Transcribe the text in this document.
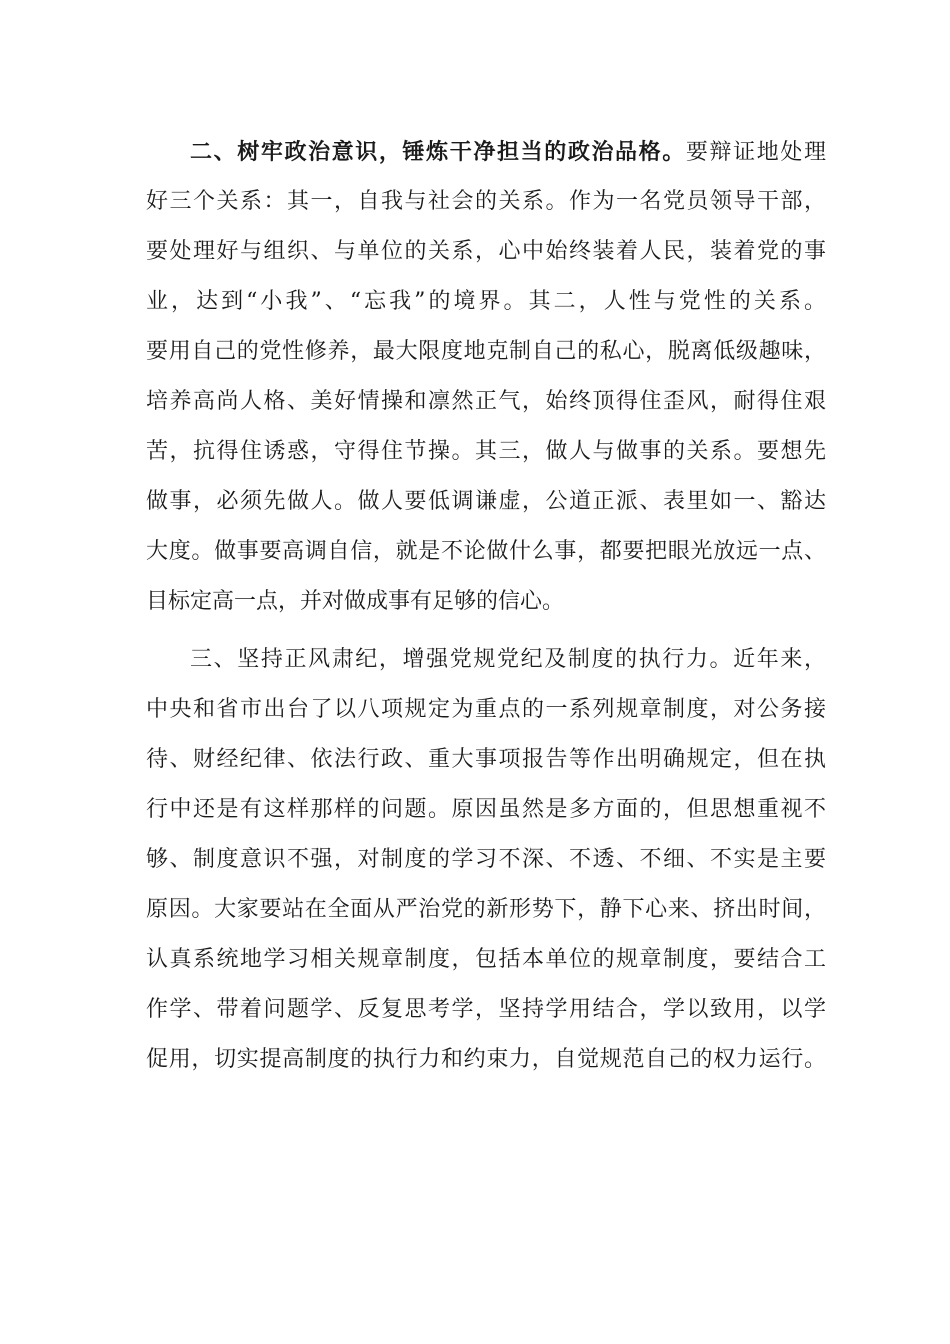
二、树牢政治意识，锤炼干净担当的政治品格。要辩证地处理
好三个关系：其一，自我与社会的关系。作为一名党员领导干部，
要处理好与组织、与单位的关系，心中始终装着人民，装着党的事
业，达到“小我”、“忘我”的境界。其二，人性与党性的关系。
要用自己的党性修养，最大限度地克制自己的私心，脱离低级趣味，
培养高尚人格、美好情操和凛然正气，始终顶得住歪风，耐得住艰
苦，抗得住诱惑，守得住节操。其三，做人与做事的关系。要想先
做事，必须先做人。做人要低调谦虚，公道正派、表里如一、豁达
大度。做事要高调自信，就是不论做什么事，都要把眼光放远一点、
目标定高一点，并对做成事有足够的信心。
三、坚持正风肃纪，增强党规党纪及制度的执行力。近年来，
中央和省市出台了以八项规定为重点的一系列规章制度，对公务接
待、财经纪律、依法行政、重大事项报告等作出明确规定，但在执
行中还是有这样那样的问题。原因虽然是多方面的，但思想重视不
够、制度意识不强，对制度的学习不深、不透、不细、不实是主要
原因。大家要站在全面从严治党的新形势下，静下心来、挤出时间，
认真系统地学习相关规章制度，包括本单位的规章制度，要结合工
作学、带着问题学、反复思考学，坚持学用结合，学以致用，以学
促用，切实提高制度的执行力和约束力，自觉规范自己的权力运行。
